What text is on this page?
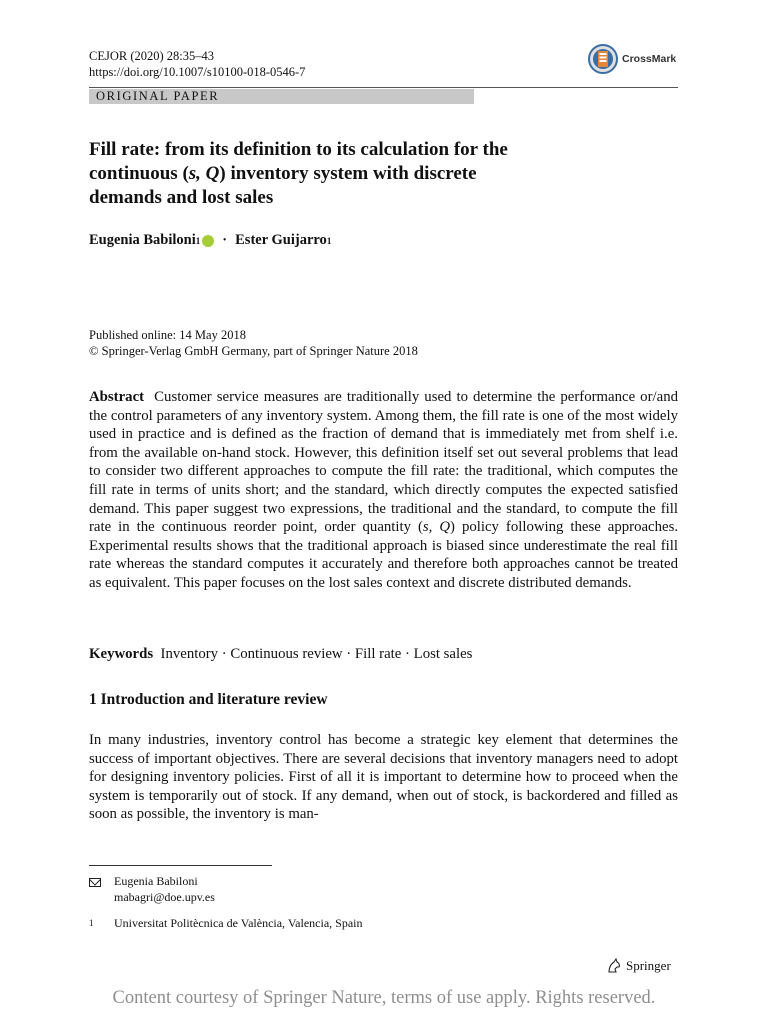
CEJOR (2020) 28:35–43
https://doi.org/10.1007/s10100-018-0546-7
CrossMark
ORIGINAL PAPER
Fill rate: from its definition to its calculation for the
continuous (s, Q) inventory system with discrete
demands and lost sales
Eugenia Babiloni 1 · Ester Guijarro 1
Published online: 14 May 2018
© Springer-Verlag GmbH Germany, part of Springer Nature 2018
Abstract Customer service measures are traditionally used to determine the performance or/and the control parameters of any inventory system. Among them, the fill rate is one of the most widely used in practice and is defined as the fraction of demand that is immediately met from shelf i.e. from the available on-hand stock. However, this definition itself set out several problems that lead to consider two different approaches to compute the fill rate: the traditional, which computes the fill rate in terms of units short; and the standard, which directly computes the expected satisfied demand. This paper suggest two expressions, the traditional and the standard, to compute the fill rate in the continuous reorder point, order quantity (s, Q) policy following these approaches. Experimental results shows that the traditional approach is biased since underestimate the real fill rate whereas the standard computes it accurately and therefore both approaches cannot be treated as equivalent. This paper focuses on the lost sales context and discrete distributed demands.
Keywords Inventory · Continuous review · Fill rate · Lost sales
1 Introduction and literature review
In many industries, inventory control has become a strategic key element that determines the success of important objectives. There are several decisions that inventory managers need to adopt for designing inventory policies. First of all it is important to determine how to proceed when the system is temporarily out of stock. If any demand, when out of stock, is backordered and filled as soon as possible, the inventory is man-
Eugenia Babiloni
mabagri@doe.upv.es
1	Universitat Politècnica de València, Valencia, Spain
Springer
Content courtesy of Springer Nature, terms of use apply. Rights reserved.
